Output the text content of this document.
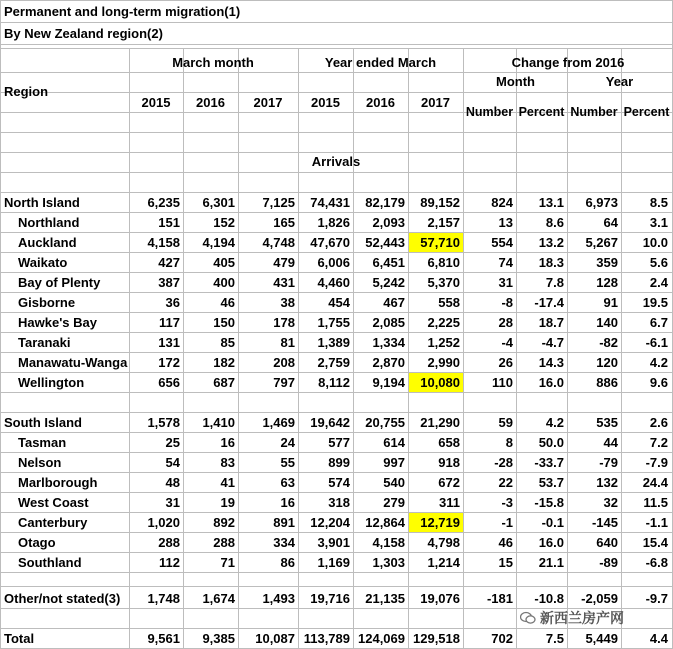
Permanent and long-term migration(1)
By New Zealand region(2)
Region
March month	Year ended March	Change from 2016
Month	Year
2015	2016	2017	2015	2016	2017
Number Percent Number Percent
Arrivals
North Island	6,235	6,301	7,125	74,431	82,179	89,152	824	13.1	6,973	8.5
Northland	151	152	165	1,826	2,093	2,157	13	8.6	64	3.1
Auckland	4,158	4,194	4,748	47,670	52,443	57,710	554	13.2	5,267	10.0
Waikato	427	405	479	6,006	6,451	6,810	74	18.3	359	5.6
Bay of Plenty	387	400	431	4,460	5,242	5,370	31	7.8	128	2.4
Gisborne	36	46	38	454	467	558	-8	-17.4	91	19.5
Hawke's Bay	117	150	178	1,755	2,085	2,225	28	18.7	140	6.7
Taranaki	131	85	81	1,389	1,334	1,252	-4	-4.7	-82	-6.1
Manawatu-Wanga	172	182	208	2,759	2,870	2,990	26	14.3	120	4.2
Wellington	656	687	797	8,112	9,194	10,080	110	16.0	886	9.6
South Island	1,578	1,410	1,469	19,642	20,755	21,290	59	4.2	535	2.6
Tasman	25	16	24	577	614	658	8	50.0	44	7.2
Nelson	54	83	55	899	997	918	-28	-33.7	-79	-7.9
Marlborough	48	41	63	574	540	672	22	53.7	132	24.4
West Coast	31	19	16	318	279	311	-3	-15.8	32	11.5
Canterbury	1,020	892	891	12,204	12,864	12,719	-1	-0.1	-145	-1.1
Otago	288	288	334	3,901	4,158	4,798	46	16.0	640	15.4
Southland	112	71	86	1,169	1,303	1,214	15	21.1	-89	-6.8
Other/not stated(3)	1,748	1,674	1,493	19,716	21,135	19,076	-181	-10.8	-2,059	-9.7
Total	9,561	9,385	10,087 113,789 124,069 129,518	702	7.5	5,449	4.4
新西兰房产网
